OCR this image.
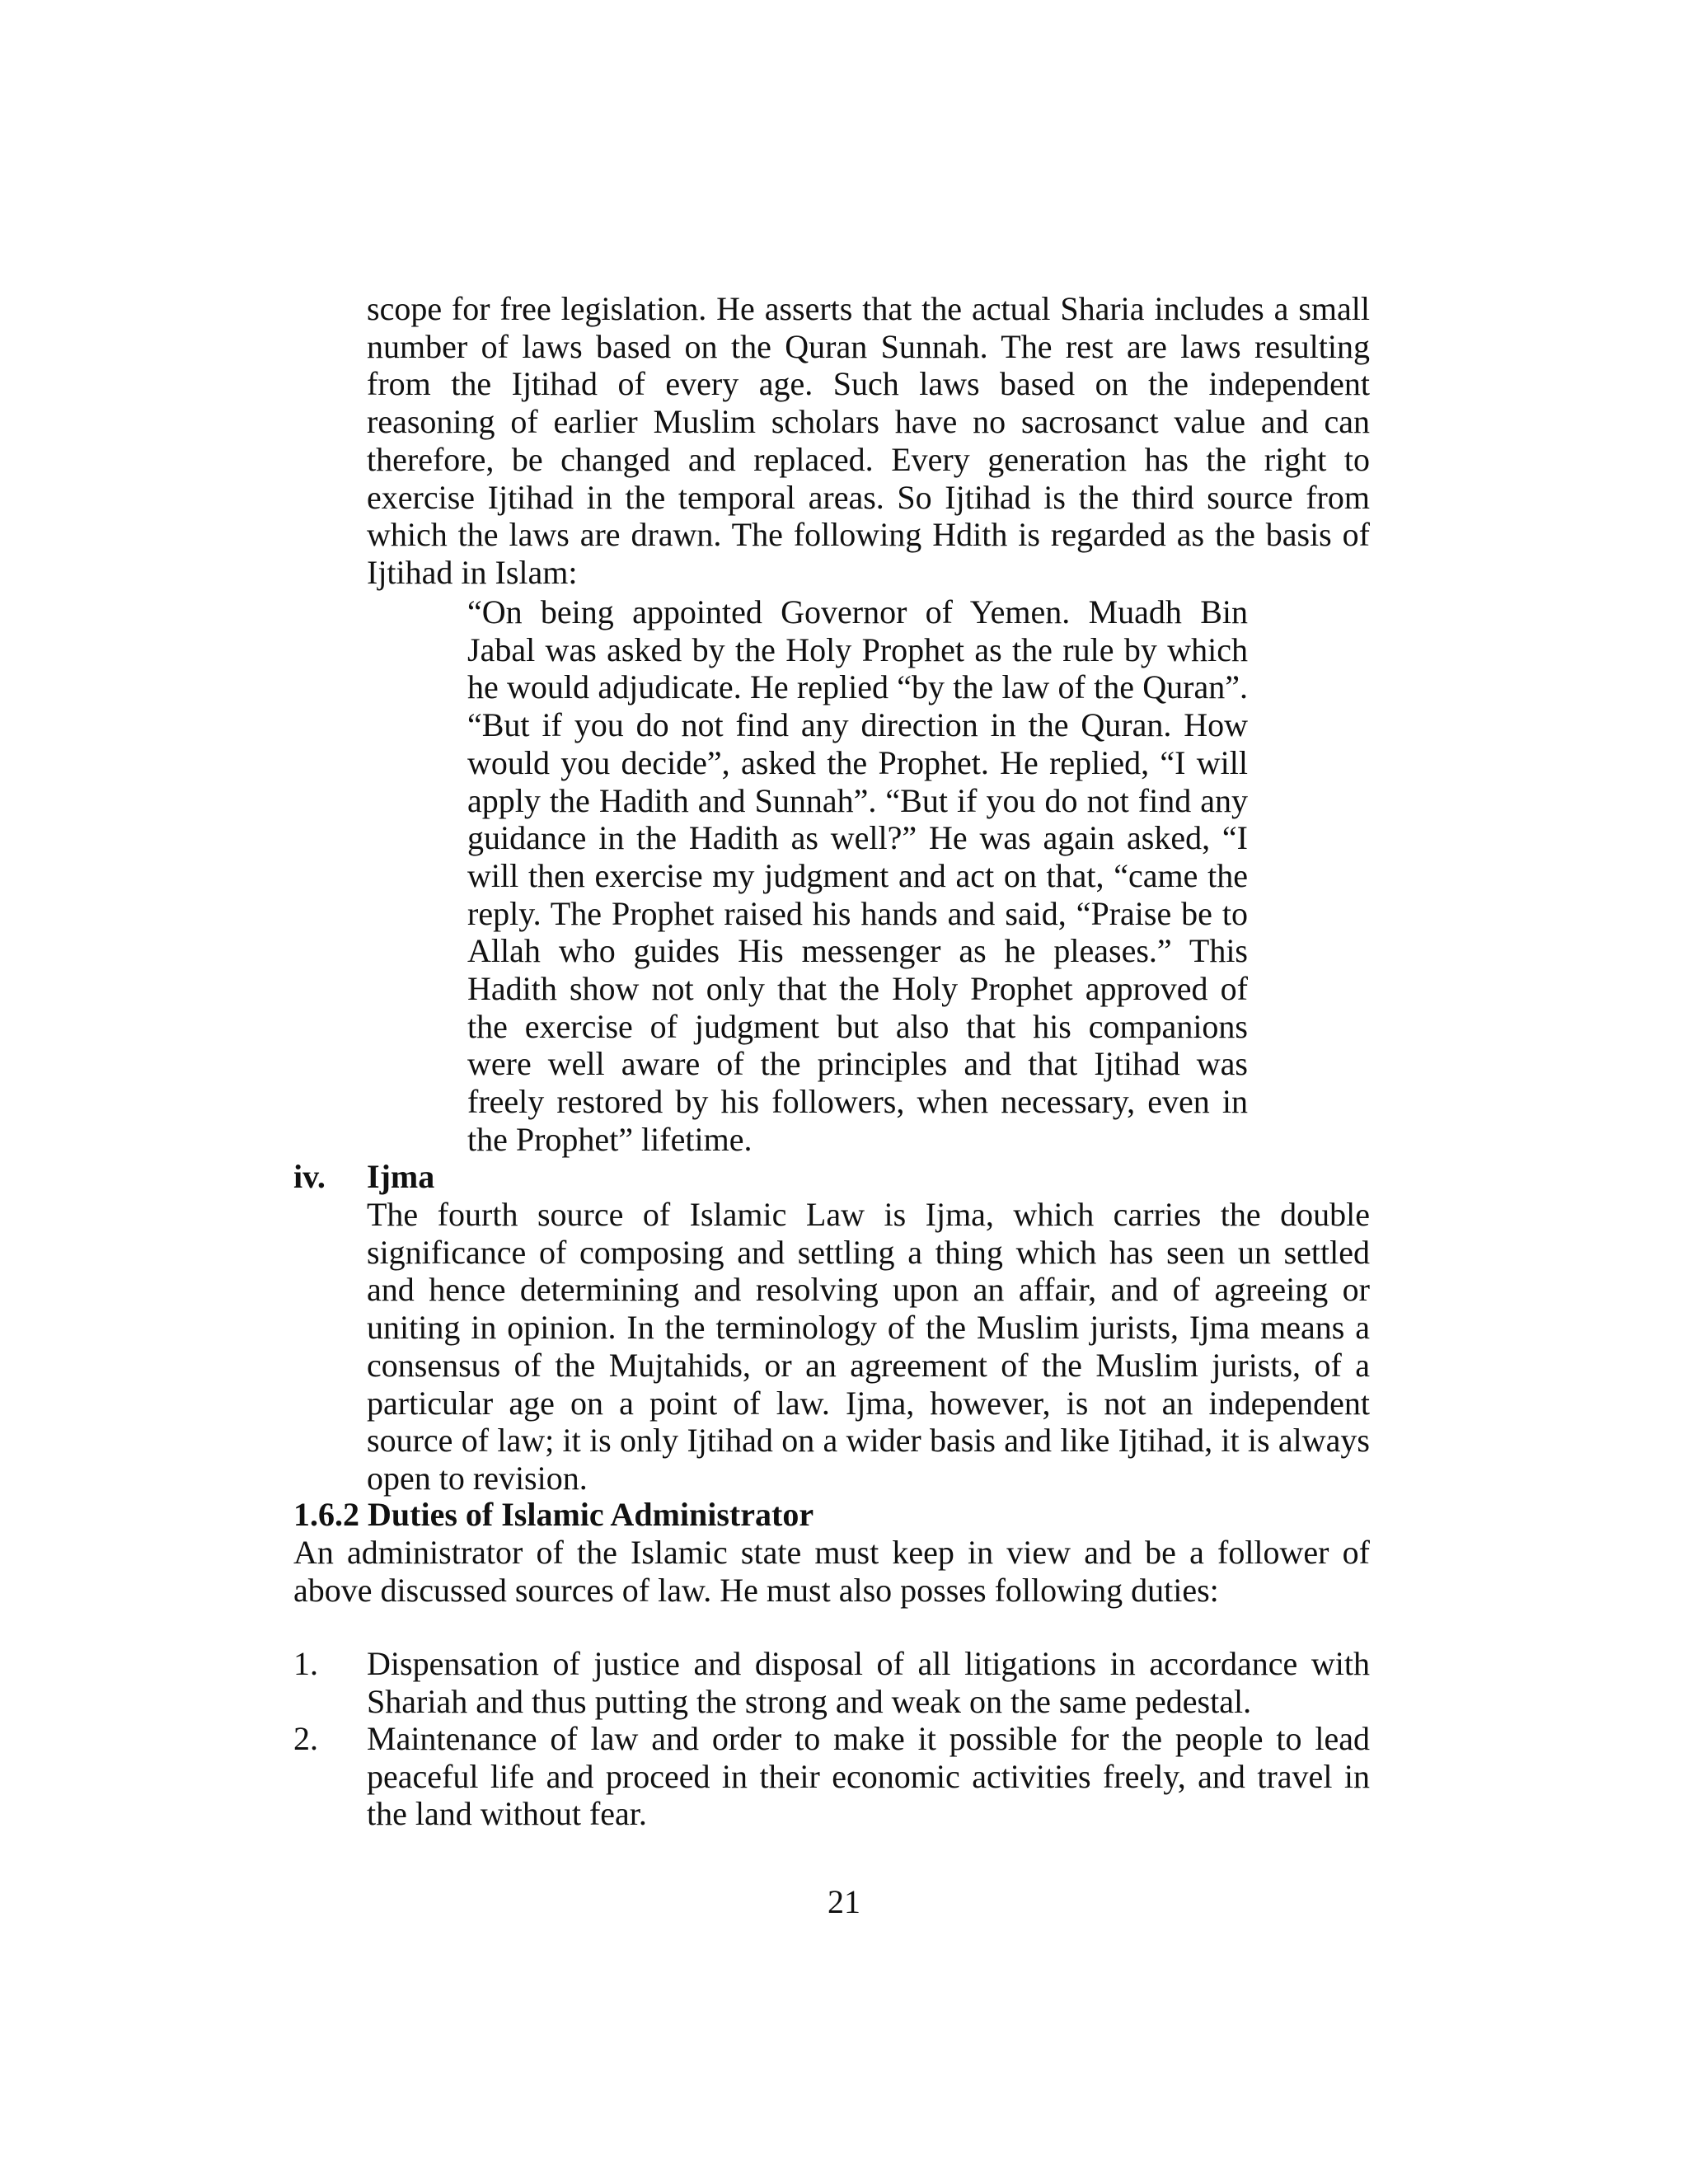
scope for free legislation. He asserts that the actual Sharia includes a small number of laws based on the Quran Sunnah. The rest are laws resulting from the Ijtihad of every age. Such laws based on the independent reasoning of earlier Muslim scholars have no sacrosanct value and can therefore, be changed and replaced. Every generation has the right to exercise Ijtihad in the temporal areas. So Ijtihad is the third source from which the laws are drawn. The following Hdith is regarded as the basis of Ijtihad in Islam:

“On being appointed Governor of Yemen. Muadh Bin Jabal was asked by the Holy Prophet as the rule by which he would adjudicate. He replied “by the law of the Quran”. “But if you do not find any direction in the Quran. How would you decide”, asked the Prophet. He replied, “I will apply the Hadith and Sunnah”. “But if you do not find any guidance in the Hadith as well?” He was again asked, “I will then exercise my judgment and act on that, “came the reply. The Prophet raised his hands and said, “Praise be to Allah who guides His messenger as he pleases.” This Hadith show not only that the Holy Prophet approved of the exercise of judgment but also that his companions were well aware of the principles and that Ijtihad was freely restored by his followers, when necessary, even in the Prophet” lifetime.

iv. Ijma

The fourth source of Islamic Law is Ijma, which carries the double significance of composing and settling a thing which has seen un settled and hence determining and resolving upon an affair, and of agreeing or uniting in opinion. In the terminology of the Muslim jurists, Ijma means a consensus of the Mujtahids, or an agreement of the Muslim jurists, of a particular age on a point of law. Ijma, however, is not an independent source of law; it is only Ijtihad on a wider basis and like Ijtihad, it is always open to revision.

1.6.2 Duties of Islamic Administrator

An administrator of the Islamic state must keep in view and be a follower of above discussed sources of law. He must also posses following duties:

1. Dispensation of justice and disposal of all litigations in accordance with Shariah and thus putting the strong and weak on the same pedestal.

2. Maintenance of law and order to make it possible for the people to lead peaceful life and proceed in their economic activities freely, and travel in the land without fear.

21
